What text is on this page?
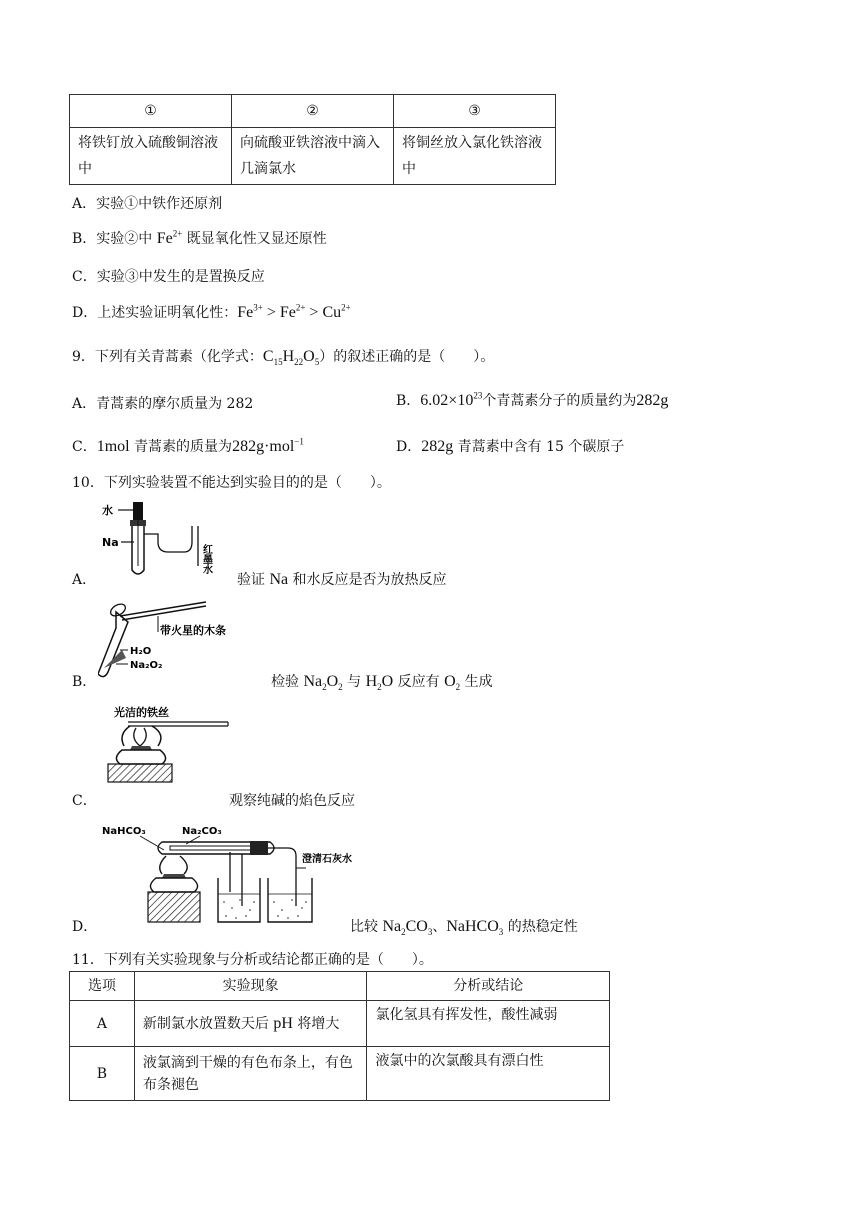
①	②	③
将铁钉放入硫酸铜溶液中	向硫酸亚铁溶液中滴入几滴氯水	将铜丝放入氯化铁溶液中
A．实验①中铁作还原剂
B．实验②中 $Fe^{2+}$ 既显氧化性又显还原性
C．实验③中发生的是置换反应
D．上述实验证明氧化性：$Fe^{3+} > Fe^{2+} > Cu^{2+}$
9．下列有关青蒿素（化学式：$C_{15}H_{22}O_5$）的叙述正确的是（　　）。
A．青蒿素的摩尔质量为 282	B．$6.02\times 10^{23}$个青蒿素分子的质量约为282g
C．1mol 青蒿素的质量为282g·mol$^{-1}$	D．282g 青蒿素中含有 15 个碳原子
10．下列实验装置不能达到实验目的的是（　　）。
水
Na
红墨水
A．	验证 Na 和水反应是否为放热反应
带火星的木条
H₂O
Na₂O₂
B．	检验 $Na_2O_2$ 与 $H_2O$ 反应有 $O_2$ 生成
光洁的铁丝
C．	观察纯碱的焰色反应
NaHCO₃	Na₂CO₃
澄清石灰水
D．	比较 $Na_2CO_3$、NaHCO$_3$ 的热稳定性
11．下列有关实验现象与分析或结论都正确的是（　　）。
选项	实验现象	分析或结论
A	新制氯水放置数天后 pH 将增大	氯化氢具有挥发性，酸性减弱
B	液氯滴到干燥的有色布条上，有色布条褪色	液氯中的次氯酸具有漂白性
